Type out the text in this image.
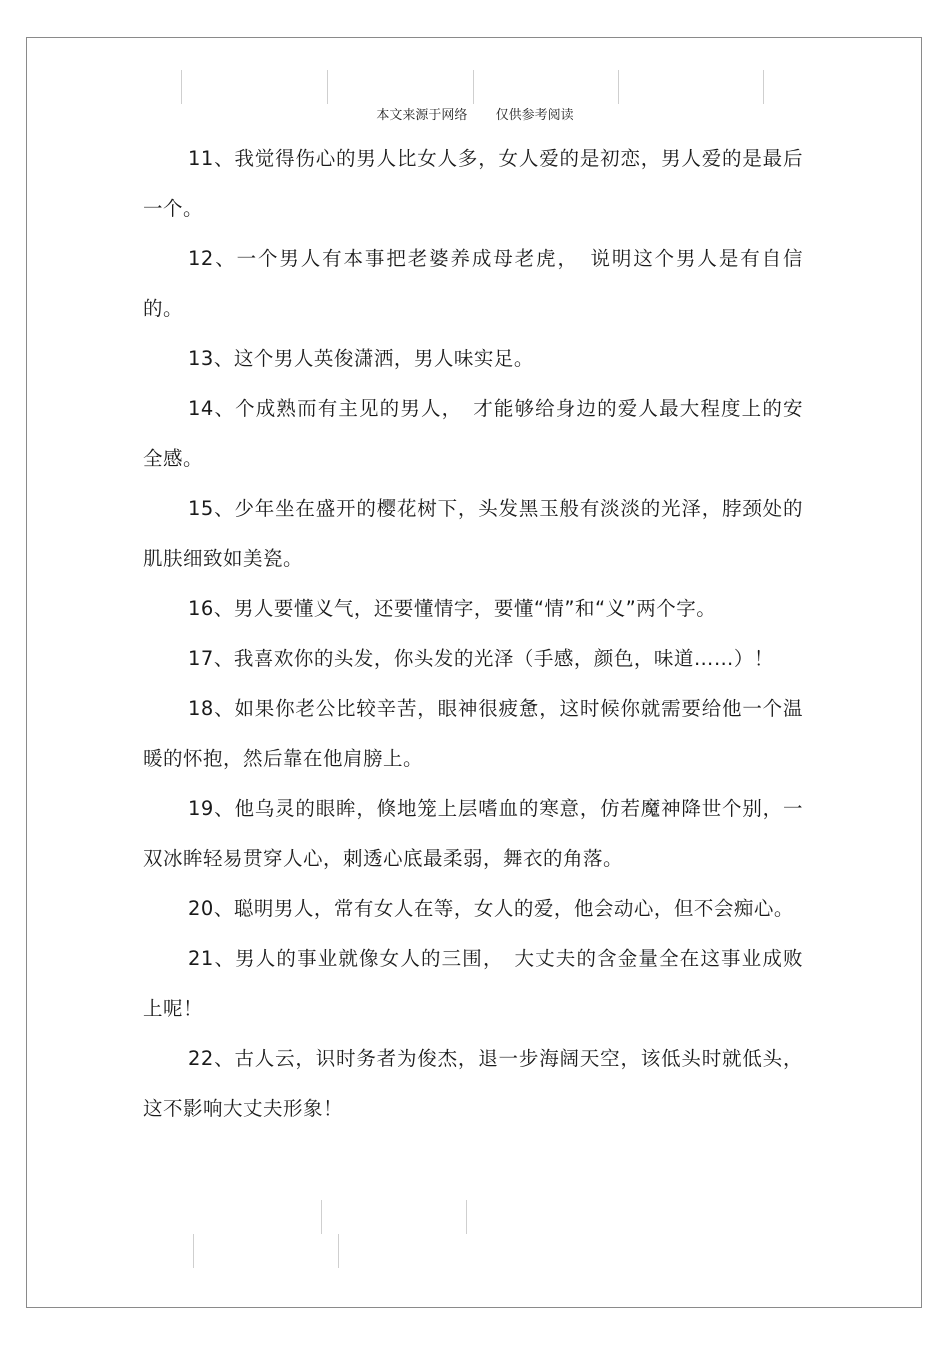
本文来源于网络 仅供参考阅读

11、我觉得伤心的男人比女人多，女人爱的是初恋，男人爱的是最后一个。

12、一个男人有本事把老婆养成母老虎，　说明这个男人是有自信的。

13、这个男人英俊潇洒，男人味实足。

14、个成熟而有主见的男人，　才能够给身边的爱人最大程度上的安全感。

15、少年坐在盛开的樱花树下，头发黑玉般有淡淡的光泽，脖颈处的肌肤细致如美瓷。

16、男人要懂义气，还要懂情字，要懂“情”和“义”两个字。

17、我喜欢你的头发，你头发的光泽（手感，颜色，味道……）！

18、如果你老公比较辛苦，眼神很疲惫，这时候你就需要给他一个温暖的怀抱，然后靠在他肩膀上。

19、他乌灵的眼眸，倏地笼上层嗜血的寒意，仿若魔神降世个别，一双冰眸轻易贯穿人心，刺透心底最柔弱，舞衣的角落。

20、聪明男人，常有女人在等，女人的爱，他会动心，但不会痴心。

21、男人的事业就像女人的三围，　大丈夫的含金量全在这事业成败上呢！

22、古人云，识时务者为俊杰，退一步海阔天空，该低头时就低头，这不影响大丈夫形象！
